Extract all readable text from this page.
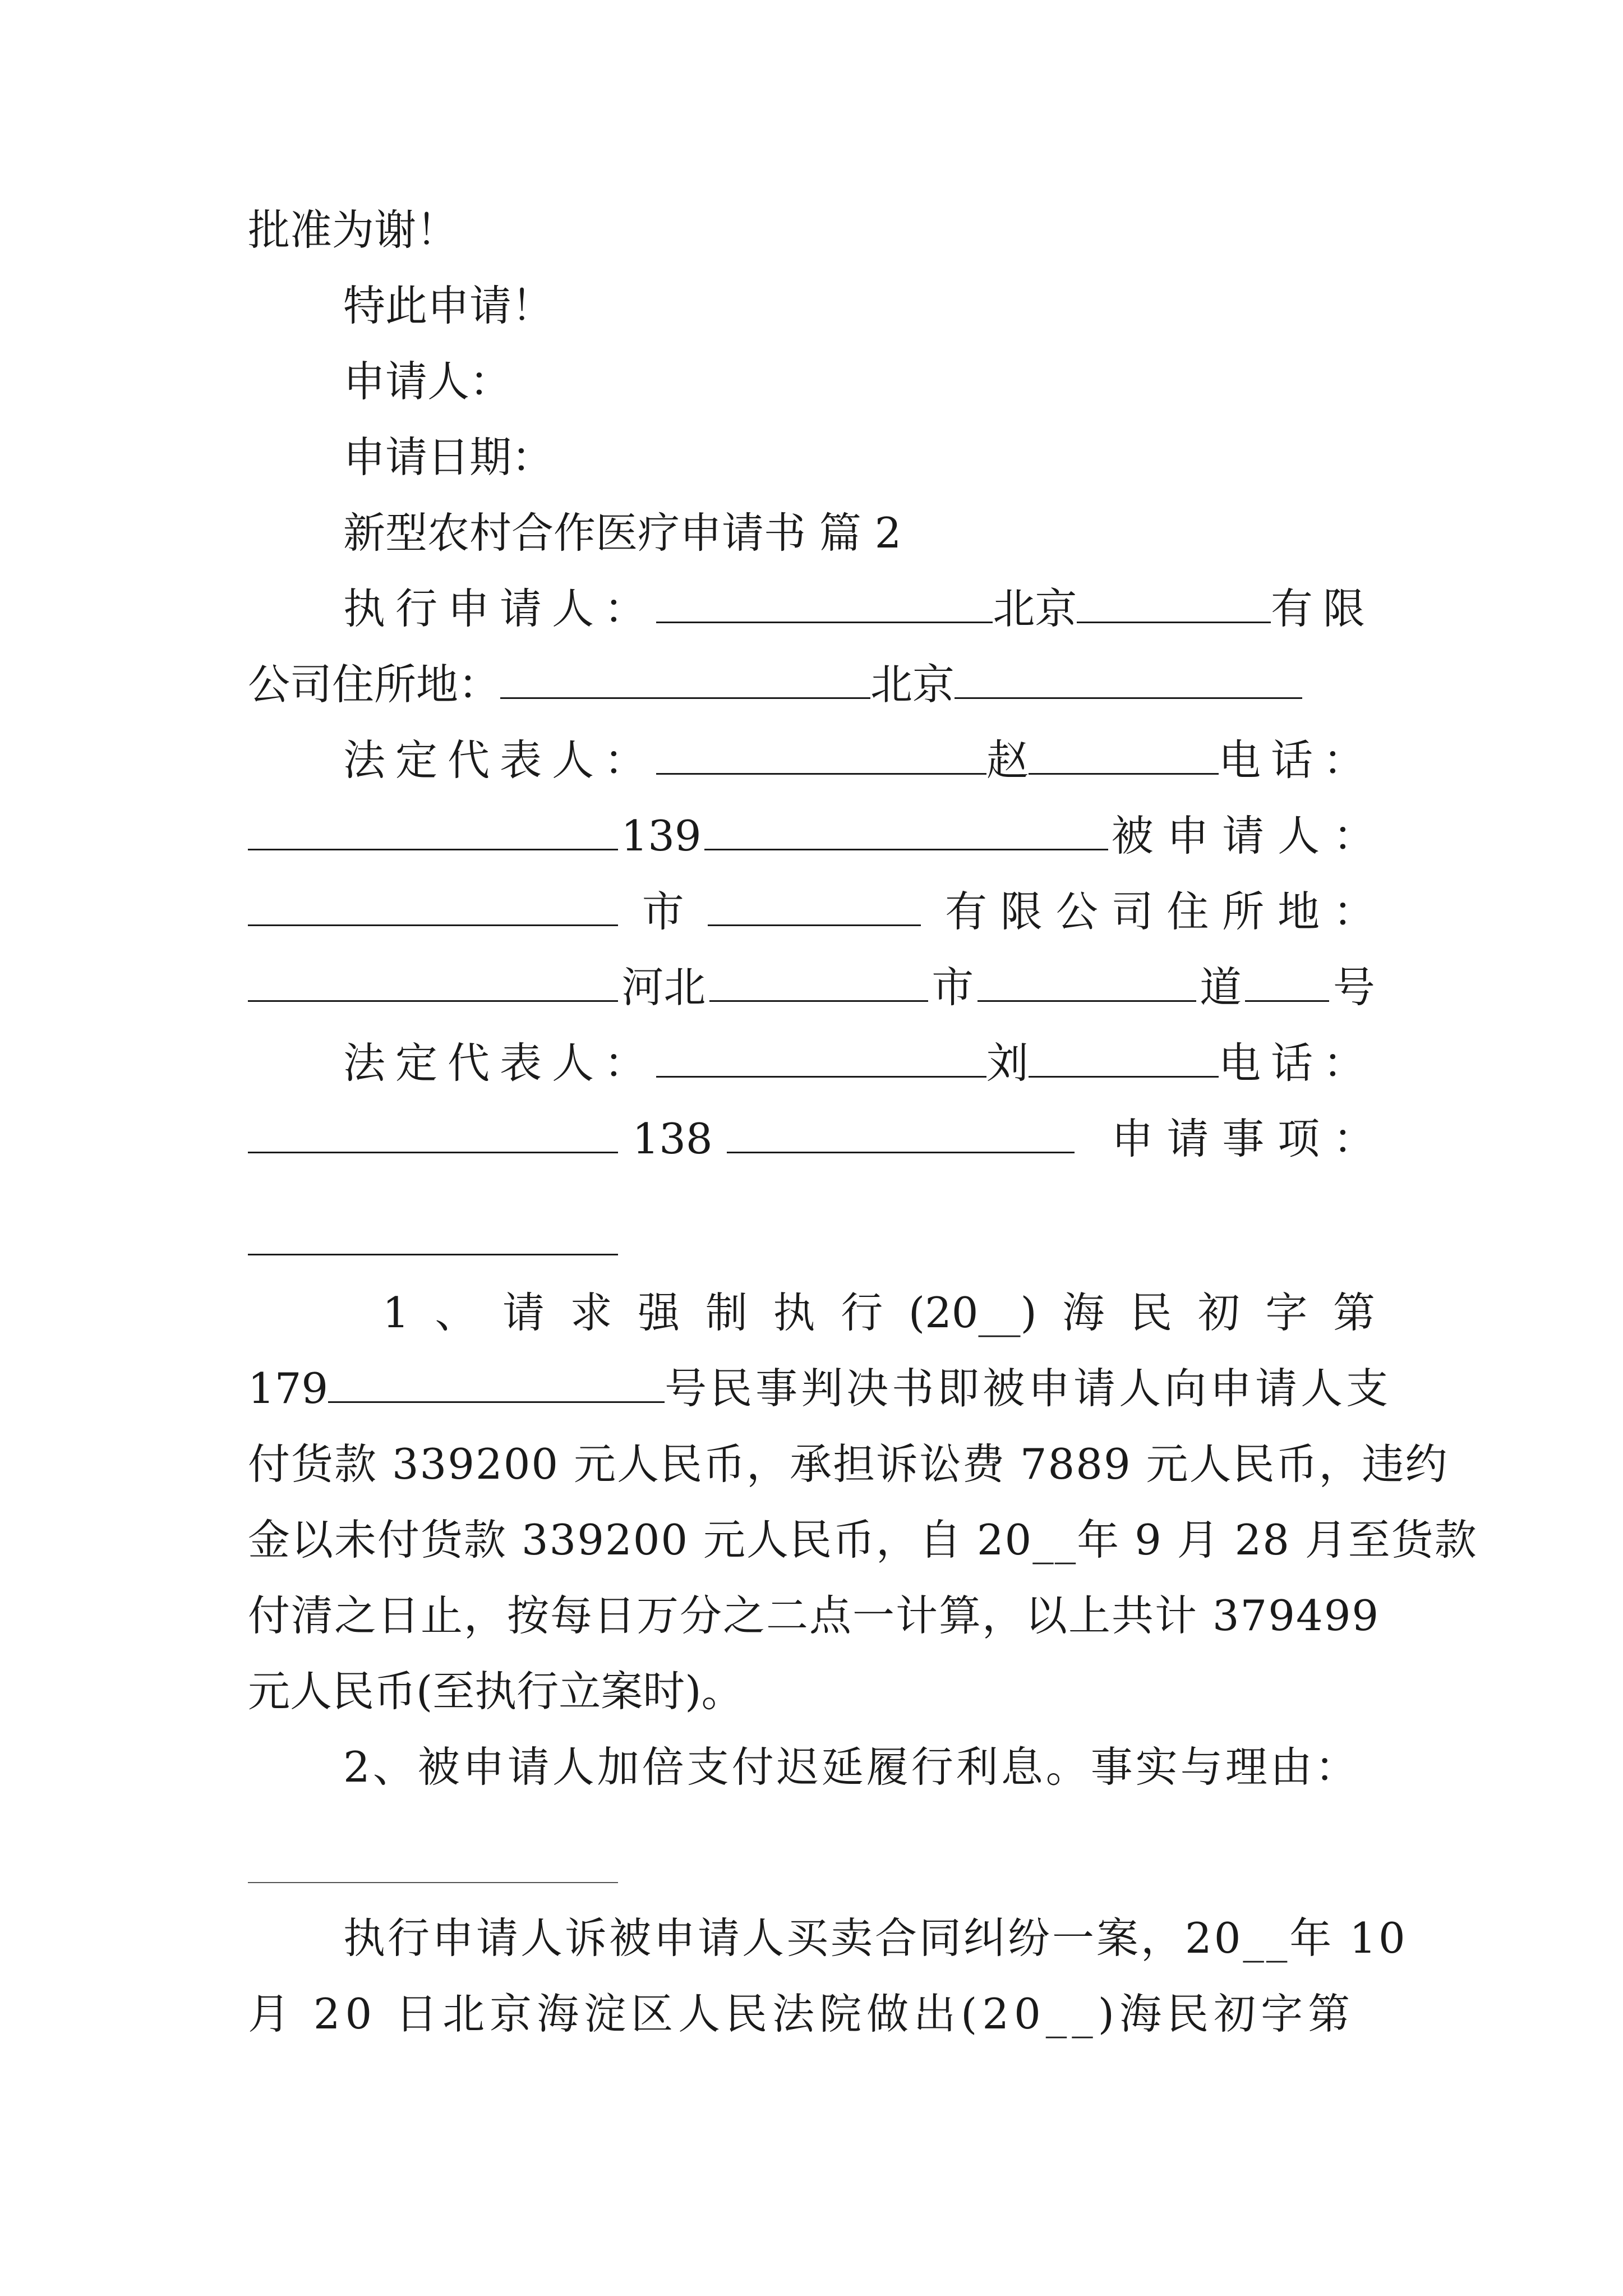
批准为谢！
特此申请！
申请人：
申请日期：
新型农村合作医疗申请书 篇 2
执行申请人：	北京	有限
公司住所地：	北京
法定代表人：	赵	电话：
139	被 申 请 人 ：
市	有 限 公 司 住 所 地 ：
河北	市	道 号
法定代表人：	刘	电话：
138	申 请 事 项 ：
1 、 请 求 强 制 执 行 (20__) 海 民 初 字 第
179	号民事判决书即被申请人向申请人支
付货款 339200 元人民币，承担诉讼费 7889 元人民币，违约
金以未付货款 339200 元人民币，自 20__年 9 月 28 月至货款
付清之日止，按每日万分之二点一计算，以上共计 379499
元人民币(至执行立案时)。
2、被申请人加倍支付迟延履行利息。事实与理由：
执行申请人诉被申请人买卖合同纠纷一案，20__年 10
月 20 日北京海淀区人民法院做出(20__)海民初字第
